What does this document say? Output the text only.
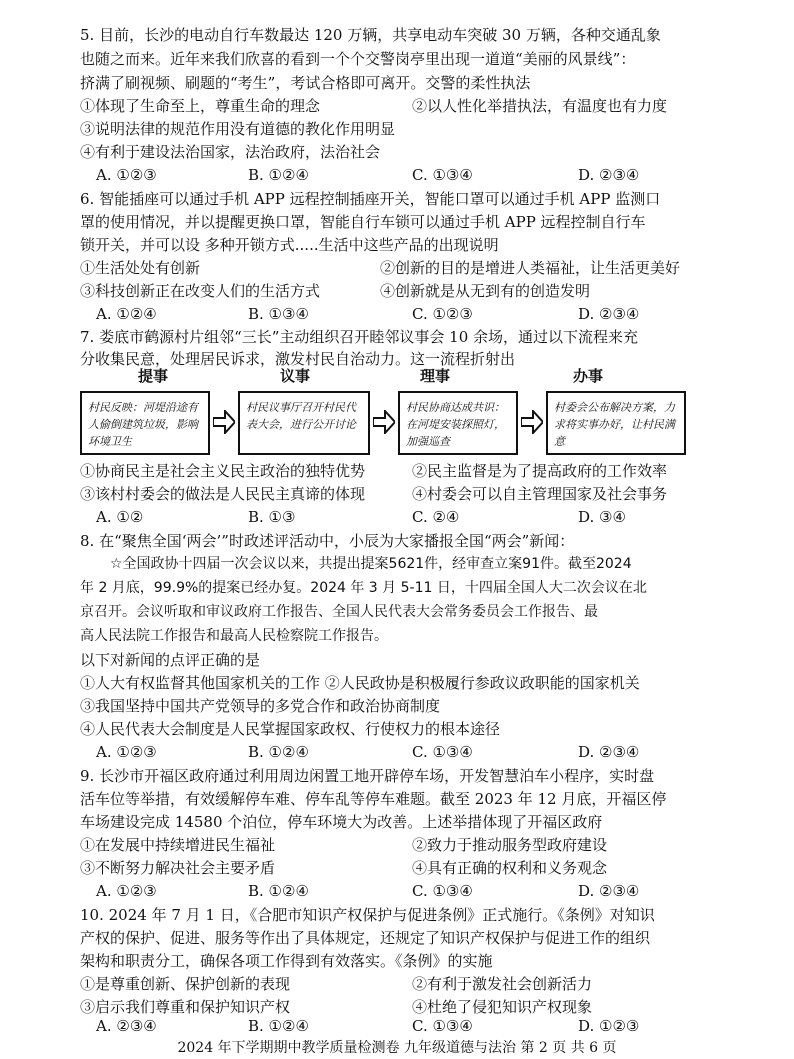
5. 目前，长沙的电动自行车数最达 120 万辆，共享电动车突破 30 万辆，各种交通乱象
也随之而来。近年来我们欣喜的看到一个个交警岗亭里出现一道道“美丽的风景线”：
挤满了刷视频、刷题的“考生”，考试合格即可离开。交警的柔性执法
①体现了生命至上，尊重生命的理念	②以人性化举措执法，有温度也有力度
③说明法律的规范作用没有道德的教化作用明显
④有利于建设法治国家，法治政府，法治社会
A. ①②③	B. ①②④	C. ①③④	D. ②③④
6. 智能插座可以通过手机 APP 远程控制插座开关，智能口罩可以通过手机 APP 监测口
罩的使用情况，并以提醒更换口罩，智能自行车锁可以通过手机 APP 远程控制自行车
锁开关，并可以设 多种开锁方式.....生活中这些产品的出现说明
①生活处处有创新	②创新的目的是增进人类福祉，让生活更美好
③科技创新正在改变人们的生活方式	④创新就是从无到有的创造发明
A. ①②④	B. ①③④	C. ①②③	D. ②③④
7. 娄底市鹤源村片组邻“三长”主动组织召开睦邻议事会 10 余场，通过以下流程来充
分收集民意，处理居民诉求，激发村民自治动力。这一流程折射出
提事	议事	理事	办事
村民反映：河堤沿途有人偷倒建筑垃圾，影响环境卫生
村民议事厅召开村民代表大会，进行公开讨论
村民协商达成共识：在河堤安装探照灯，加强巡查
村委会公布解决方案，力求将实事办好，让村民满意
①协商民主是社会主义民主政治的独特优势	②民主监督是为了提高政府的工作效率
③该村村委会的做法是人民民主真谛的体现	④村委会可以自主管理国家及社会事务
A. ①②	B. ①③	C. ②④	D. ③④
8. 在“聚焦全国‘两会’”时政述评活动中，小辰为大家播报全国“两会”新闻：
☆全国政协十四届一次会议以来，共提出提案5621件，经审查立案91件。截至2024
年 2 月底，99.9%的提案已经办复。2024 年 3 月 5-11 日，十四届全国人大二次会议在北
京召开。会议听取和审议政府工作报告、全国人民代表大会常务委员会工作报告、最
高人民法院工作报告和最高人民检察院工作报告。
以下对新闻的点评正确的是
①人大有权监督其他国家机关的工作 ②人民政协是积极履行参政议政职能的国家机关
③我国坚持中国共产党领导的多党合作和政治协商制度
④人民代表大会制度是人民掌握国家政权、行使权力的根本途径
A. ①②③	B. ①②④	C. ①③④	D. ②③④
9. 长沙市开福区政府通过利用周边闲置工地开辟停车场，开发智慧泊车小程序，实时盘
活车位等举措，有效缓解停车难、停车乱等停车难题。截至 2023 年 12 月底，开福区停
车场建设完成 14580 个泊位，停车环境大为改善。上述举措体现了开福区政府
①在发展中持续增进民生福祉	②致力于推动服务型政府建设
③不断努力解决社会主要矛盾	④具有正确的权利和义务观念
A. ①②③	B. ①②④	C. ①③④	D. ②③④
10. 2024 年 7 月 1 日，《合肥市知识产权保护与促进条例》正式施行。《条例》对知识
产权的保护、促进、服务等作出了具体规定，还规定了知识产权保护与促进工作的组织
架构和职责分工，确保各项工作得到有效落实。《条例》的实施
①是尊重创新、保护创新的表现	②有利于激发社会创新活力
③启示我们尊重和保护知识产权	④杜绝了侵犯知识产权现象
A. ②③④	B. ①②④	C. ①③④	D. ①②③
2024 年下学期期中教学质量检测卷 九年级道德与法治 第 2 页 共 6 页
